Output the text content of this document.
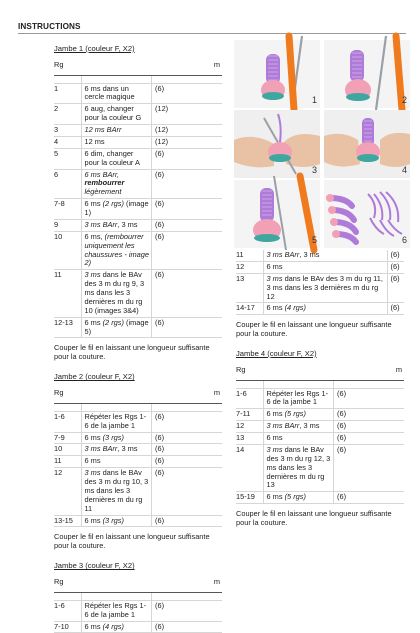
INSTRUCTIONS
Jambe 1 (couleur F, X2)
Rg	m	

1	6 ms dans un cercle magique	(6)
2	6 aug, changer pour la couleur G	(12)
3	12 ms BArr	(12)
4	12 ms	(12)
5	6 dim, changer pour la couleur A	(6)
6	6 ms BArr, rembourrer
légèrement	(6)
7-8	6 ms (2 rgs) (image 1)	(6)
9	3 ms BArr, 3 ms	(6)
10	6 ms, (rembourrer uniquement les chaussures - image 2)	(6)
11	3 ms dans le BAv des 3 m du rg 9, 3 ms dans les 3 dernières m du rg 10 (images 3&4)	(6)
12-13	6 ms (2 rgs) (image 5)	(6)
Couper le fil en laissant une longueur suffisante pour la couture.
Jambe 2 (couleur F, X2)
Rg	m	

1-6	Répéter les Rgs 1-6 de la jambe 1	(6)
7-9	6 ms (3 rgs)	(6)
10	3 ms BArr, 3 ms	(6)
11	6 ms	(6)
12	3 ms dans le BAv des 3 m du rg 10, 3 ms dans les 3 dernières m du rg 11	(6)
13-15	6 ms (3 rgs)	(6)
Couper le fil en laissant une longueur suffisante pour la couture.
Jambe 3 (couleur F, X2)
Rg	m	

1-6	Répéter les Rgs 1-6 de la jambe 1	(6)
7-10	6 ms (4 rgs)	(6)
1	2
3	4
5	6
11	3 ms BArr, 3 ms	(6)
12	6 ms	(6)
13	3 ms dans le BAv des 3 m du rg 11, 3 ms dans les 3 dernières m du rg 12	(6)
14-17	6 ms (4 rgs)	(6)
Couper le fil en laissant une longueur suffisante pour la couture.
Jambe 4 (couleur F, X2)
Rg	m	

1-6	Répéter les Rgs 1-6 de la jambe 1	(6)
7-11	6 ms (5 rgs)	(6)
12	3 ms BArr, 3 ms	(6)
13	6 ms	(6)
14	3 ms dans le BAv des 3 m du rg 12, 3 ms dans les 3 dernières m du rg 13	(6)
15-19	6 ms (5 rgs)	(6)
Couper le fil en laissant une longueur suffisante pour la couture.
